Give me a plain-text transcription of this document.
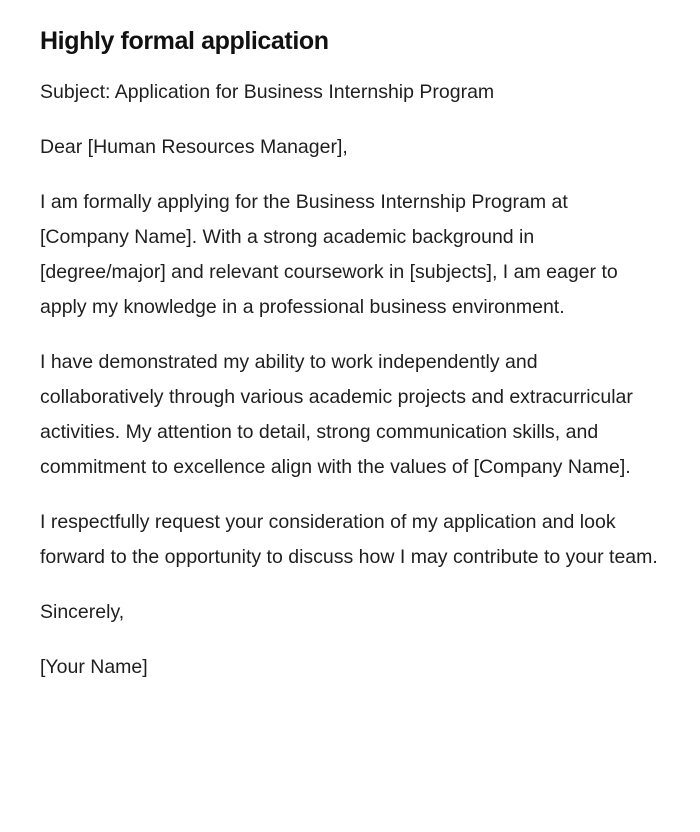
Highly formal application

Subject: Application for Business Internship Program

Dear [Human Resources Manager],

I am formally applying for the Business Internship Program at [Company Name]. With a strong academic background in [degree/major] and relevant coursework in [subjects], I am eager to apply my knowledge in a professional business environment.

I have demonstrated my ability to work independently and collaboratively through various academic projects and extracurricular activities. My attention to detail, strong communication skills, and commitment to excellence align with the values of [Company Name].

I respectfully request your consideration of my application and look forward to the opportunity to discuss how I may contribute to your team.

Sincerely,

[Your Name]
